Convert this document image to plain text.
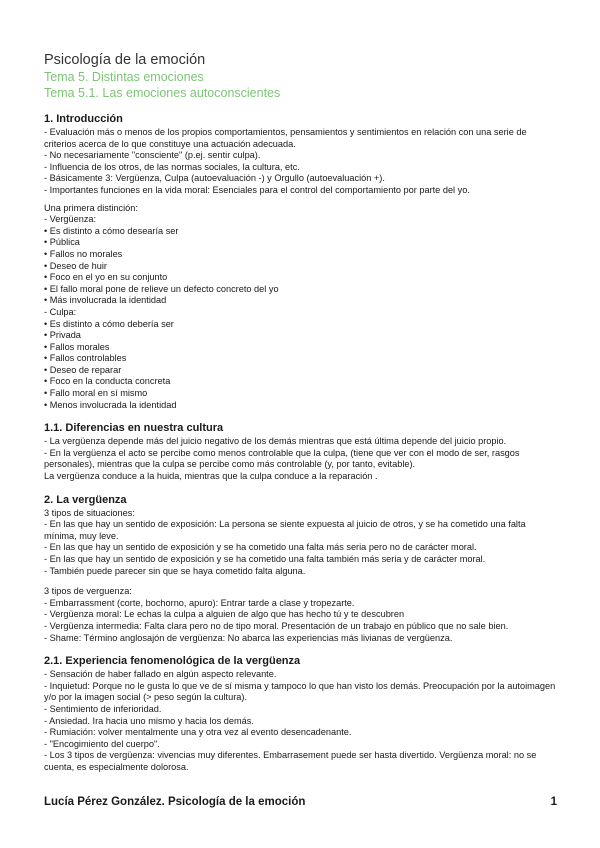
Psicología de la emoción
Tema 5. Distintas emociones
Tema 5.1. Las emociones autoconscientes
1. Introducción
- Evaluación más o menos de los propios comportamientos, pensamientos y sentimientos en relación con una serie de criterios acerca de lo que constituye una actuación adecuada.
- No necesariamente "consciente" (p.ej. sentir culpa).
- Influencia de los otros, de las normas sociales, la cultura, etc.
- Básicamente 3: Vergüenza, Culpa (autoevaluación -) y Orgullo (autoevaluación +).
- Importantes funciones en la vida moral: Esenciales para el control del comportamiento por parte del yo.
Una primera distinción:
- Vergüenza:
• Es distinto a cómo desearía ser
• Pública
• Fallos no morales
• Deseo de huir
• Foco en el yo en su conjunto
• El fallo moral pone de relieve un defecto concreto del yo
• Más involucrada la identidad
- Culpa:
• Es distinto a cómo debería ser
• Privada
• Fallos morales
• Fallos controlables
• Deseo de reparar
• Foco en la conducta concreta
• Fallo moral en sí mismo
• Menos involucrada la identidad
1.1. Diferencias en nuestra cultura
- La vergüenza depende más del juicio negativo de los demás mientras que está última depende del juicio propio.
- En la vergüenza el acto se percibe como menos controlable que la culpa, (tiene que ver con el modo de ser, rasgos personales), mientras que la culpa se percibe como más controlable (y, por tanto, evitable).
La vergüenza conduce a la huida, mientras que la culpa conduce a la reparación .
2. La vergüenza
3 tipos de situaciones:
- En las que hay un sentido de exposición: La persona se siente expuesta al juicio de otros, y se ha cometido una falta mínima, muy leve.
- En las que hay un sentido de exposición y se ha cometido una falta más seria pero no de carácter moral.
- En las que hay un sentido de exposición y se ha cometido una falta también más seria y de carácter moral.
- También puede parecer sin que se haya cometido falta alguna.
3 tipos de verguenza:
- Embarrassment (corte, bochorno, apuro): Entrar tarde a clase y tropezarte.
- Vergüenza moral: Le echas la culpa a alguien de algo que has hecho tú y te descubren
- Vergüenza intermedia: Falta clara pero no de tipo moral. Presentación de un trabajo en público que no sale bien.
- Shame: Término anglosajón de vergüenza: No abarca las experiencias más livianas de vergüenza.
2.1. Experiencia fenomenológica de la vergüenza
- Sensación de haber fallado en algún aspecto relevante.
- Inquietud: Porque no le gusta lo que ve de sí misma y tampoco lo que han visto los demás. Preocupación por la autoimagen y/o por la imagen social (> peso según la cultura).
- Sentimiento de inferioridad.
- Ansiedad. Ira hacia uno mismo y hacia los demás.
- Rumiación: volver mentalmente una y otra vez al evento desencadenante.
- "Encogimiento del cuerpo".
- Los 3 tipos de vergüenza: vivencias muy diferentes. Embarrasement puede ser hasta divertido. Vergüenza moral: no se cuenta, es especialmente dolorosa.
Lucía Pérez González. Psicología de la emoción	1
